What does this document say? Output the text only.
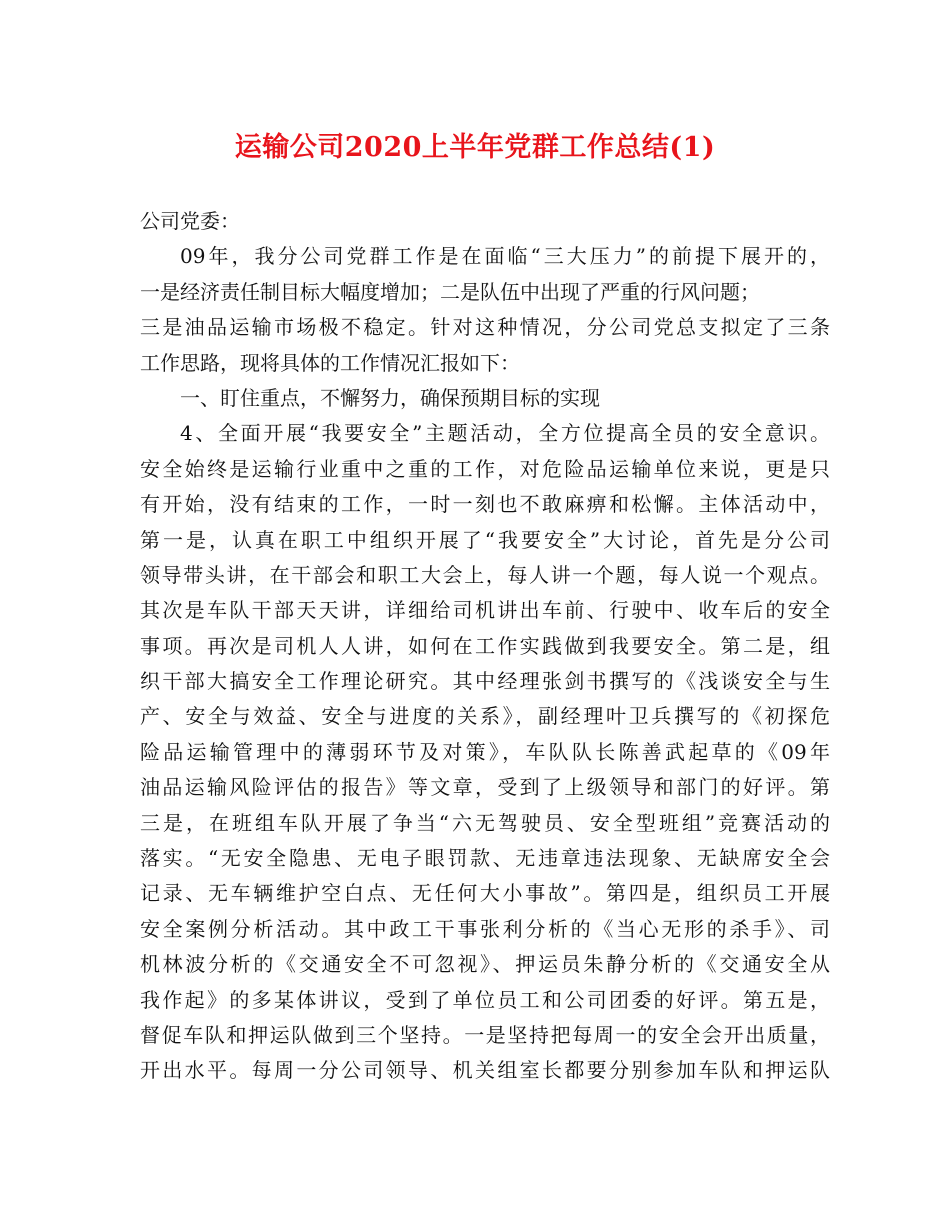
运输公司2020上半年党群工作总结(1)
公司党委：
09年，我分公司党群工作是在面临“三大压力”的前提下展开的，
一是经济责任制目标大幅度增加；二是队伍中出现了严重的行风问题；
三是油品运输市场极不稳定。针对这种情况，分公司党总支拟定了三条
工作思路，现将具体的工作情况汇报如下：
一、盯住重点，不懈努力，确保预期目标的实现
4、全面开展“我要安全”主题活动，全方位提高全员的安全意识。
安全始终是运输行业重中之重的工作，对危险品运输单位来说，更是只
有开始，没有结束的工作，一时一刻也不敢麻痹和松懈。主体活动中，
第一是，认真在职工中组织开展了“我要安全”大讨论，首先是分公司
领导带头讲，在干部会和职工大会上，每人讲一个题，每人说一个观点。
其次是车队干部天天讲，详细给司机讲出车前、行驶中、收车后的安全
事项。再次是司机人人讲，如何在工作实践做到我要安全。第二是，组
织干部大搞安全工作理论研究。其中经理张剑书撰写的《浅谈安全与生
产、安全与效益、安全与进度的关系》，副经理叶卫兵撰写的《初探危
险品运输管理中的薄弱环节及对策》，车队队长陈善武起草的《09年
油品运输风险评估的报告》等文章，受到了上级领导和部门的好评。第
三是，在班组车队开展了争当“六无驾驶员、安全型班组”竞赛活动的
落实。“无安全隐患、无电子眼罚款、无违章违法现象、无缺席安全会
记录、无车辆维护空白点、无任何大小事故”。第四是，组织员工开展
安全案例分析活动。其中政工干事张利分析的《当心无形的杀手》、司
机林波分析的《交通安全不可忽视》、押运员朱静分析的《交通安全从
我作起》的多某体讲议，受到了单位员工和公司团委的好评。第五是，
督促车队和押运队做到三个坚持。一是坚持把每周一的安全会开出质量，
开出水平。每周一分公司领导、机关组室长都要分别参加车队和押运队
